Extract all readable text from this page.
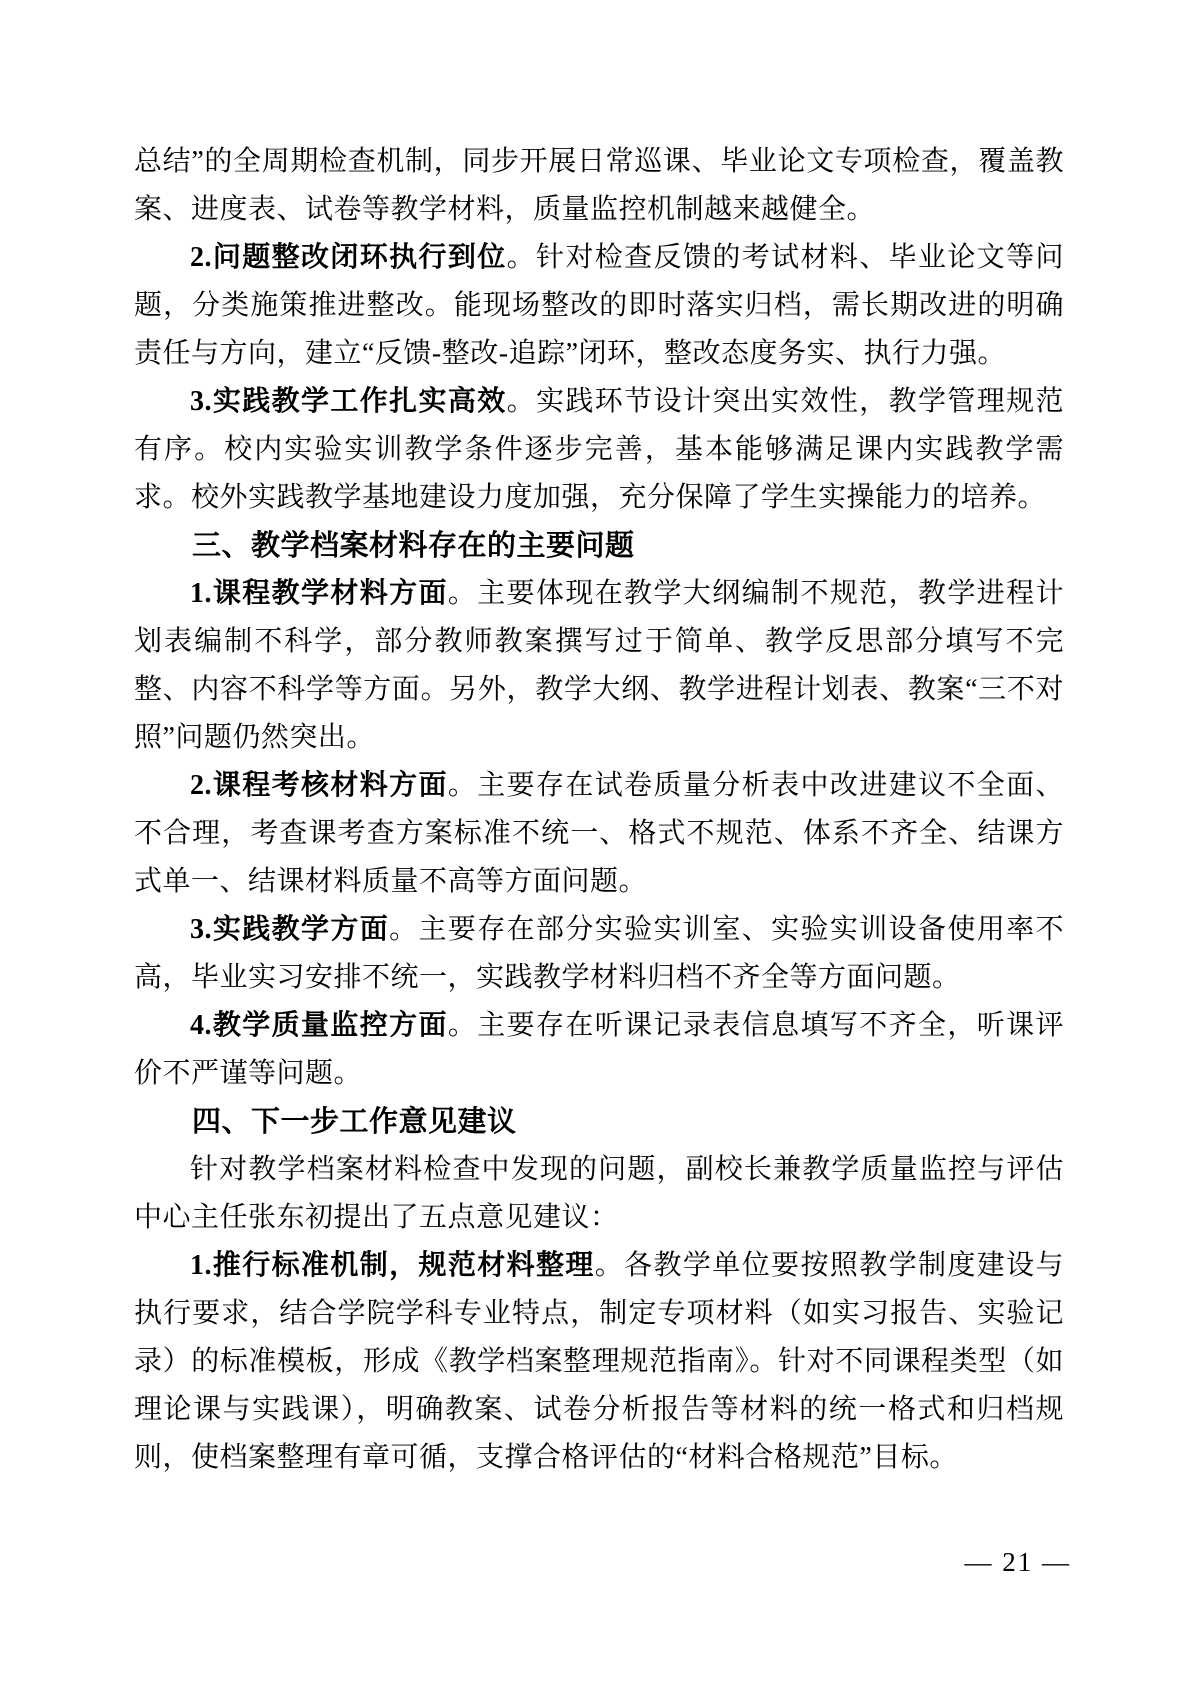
总结”的全周期检查机制，同步开展日常巡课、毕业论文专项检查，覆盖教案、进度表、试卷等教学材料，质量监控机制越来越健全。

2.问题整改闭环执行到位。针对检查反馈的考试材料、毕业论文等问题，分类施策推进整改。能现场整改的即时落实归档，需长期改进的明确责任与方向，建立“反馈-整改-追踪”闭环，整改态度务实、执行力强。

3.实践教学工作扎实高效。实践环节设计突出实效性，教学管理规范有序。校内实验实训教学条件逐步完善，基本能够满足课内实践教学需求。校外实践教学基地建设力度加强，充分保障了学生实操能力的培养。

三、教学档案材料存在的主要问题

1.课程教学材料方面。主要体现在教学大纲编制不规范，教学进程计划表编制不科学，部分教师教案撰写过于简单、教学反思部分填写不完整、内容不科学等方面。另外，教学大纲、教学进程计划表、教案“三不对照”问题仍然突出。

2.课程考核材料方面。主要存在试卷质量分析表中改进建议不全面、不合理，考查课考查方案标准不统一、格式不规范、体系不齐全、结课方式单一、结课材料质量不高等方面问题。

3.实践教学方面。主要存在部分实验实训室、实验实训设备使用率不高，毕业实习安排不统一，实践教学材料归档不齐全等方面问题。

4.教学质量监控方面。主要存在听课记录表信息填写不齐全，听课评价不严谨等问题。

四、下一步工作意见建议

针对教学档案材料检查中发现的问题，副校长兼教学质量监控与评估中心主任张东初提出了五点意见建议：

1.推行标准机制，规范材料整理。各教学单位要按照教学制度建设与执行要求，结合学院学科专业特点，制定专项材料（如实习报告、实验记录）的标准模板，形成《教学档案整理规范指南》。针对不同课程类型（如理论课与实践课），明确教案、试卷分析报告等材料的统一格式和归档规则，使档案整理有章可循，支撑合格评估的“材料合格规范”目标。

— 21 —
